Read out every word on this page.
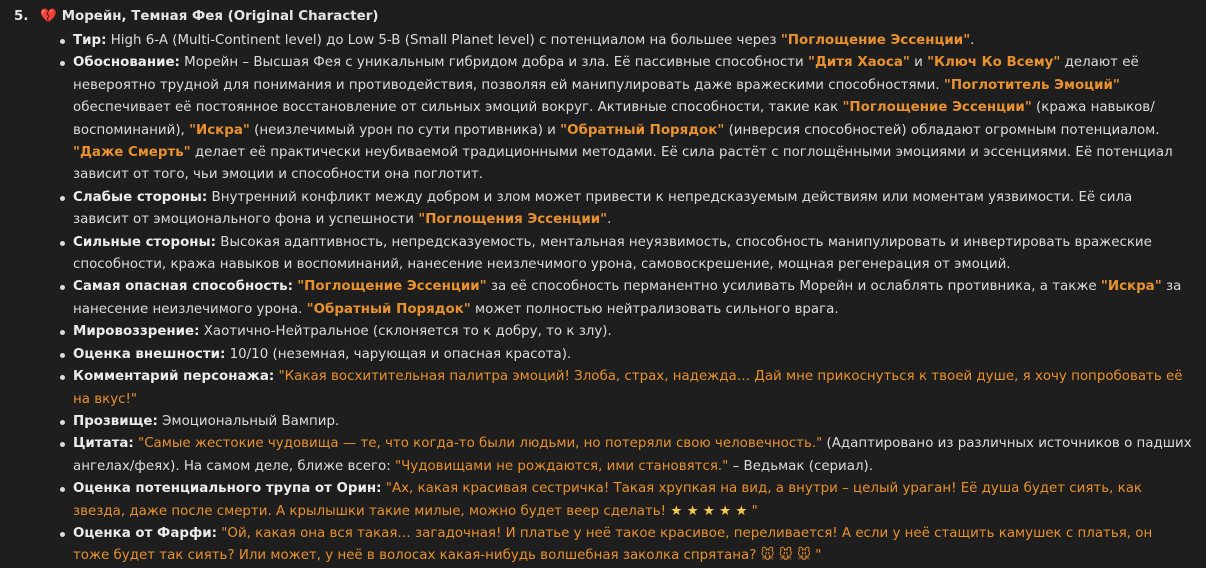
5. 💔 Морейн, Темная Фея (Original Character)
Тир: High 6-A (Multi-Continent level) до Low 5-B (Small Planet level) с потенциалом на большее через "Поглощение Эссенции".
Обоснование: Морейн – Высшая Фея с уникальным гибридом добра и зла. Её пассивные способности "Дитя Хаоса" и "Ключ Ко Всему" делают её невероятно трудной для понимания и противодействия, позволяя ей манипулировать даже вражескими способностями. "Поглотитель Эмоций" обеспечивает её постоянное восстановление от сильных эмоций вокруг. Активные способности, такие как "Поглощение Эссенции" (кража навыков/воспоминаний), "Искра" (неизлечимый урон по сути противника) и "Обратный Порядок" (инверсия способностей) обладают огромным потенциалом. "Даже Смерть" делает её практически неубиваемой традиционными методами. Её сила растёт с поглощёнными эмоциями и эссенциями. Её потенциал зависит от того, чьи эмоции и способности она поглотит.
Слабые стороны: Внутренний конфликт между добром и злом может привести к непредсказуемым действиям или моментам уязвимости. Её сила зависит от эмоционального фона и успешности "Поглощения Эссенции".
Сильные стороны: Высокая адаптивность, непредсказуемость, ментальная неуязвимость, способность манипулировать и инвертировать вражеские способности, кража навыков и воспоминаний, нанесение неизлечимого урона, самовоскрешение, мощная регенерация от эмоций.
Самая опасная способность: "Поглощение Эссенции" за её способность перманентно усиливать Морейн и ослаблять противника, а также "Искра" за нанесение неизлечимого урона. "Обратный Порядок" может полностью нейтрализовать сильного врага.
Мировоззрение: Хаотично-Нейтральное (склоняется то к добру, то к злу).
Оценка внешности: 10/10 (неземная, чарующая и опасная красота).
Комментарий персонажа: "Какая восхитительная палитра эмоций! Злоба, страх, надежда… Дай мне прикоснуться к твоей душе, я хочу попробовать её на вкус!"
Прозвище: Эмоциональный Вампир.
Цитата: "Самые жестокие чудовища — те, что когда-то были людьми, но потеряли свою человечность." (Адаптировано из различных источников о падших ангелах/феях). На самом деле, ближе всего: "Чудовищами не рождаются, ими становятся." – Ведьмак (сериал).
Оценка потенциального трупа от Орин: "Ах, какая красивая сестричка! Такая хрупкая на вид, а внутри – целый ураган! Её душа будет сиять, как звезда, даже после смерти. А крылышки такие милые, можно будет веер сделать! ★ ★ ★ ★ ★ "
Оценка от Фарфи: "Ой, какая она вся такая… загадочная! И платье у неё такое красивое, переливается! А если у неё стащить камушек с платья, он тоже будет так сиять? Или может, у неё в волосах какая-нибудь волшебная заколка спрятана? 🐭 🐭 🐭 "
